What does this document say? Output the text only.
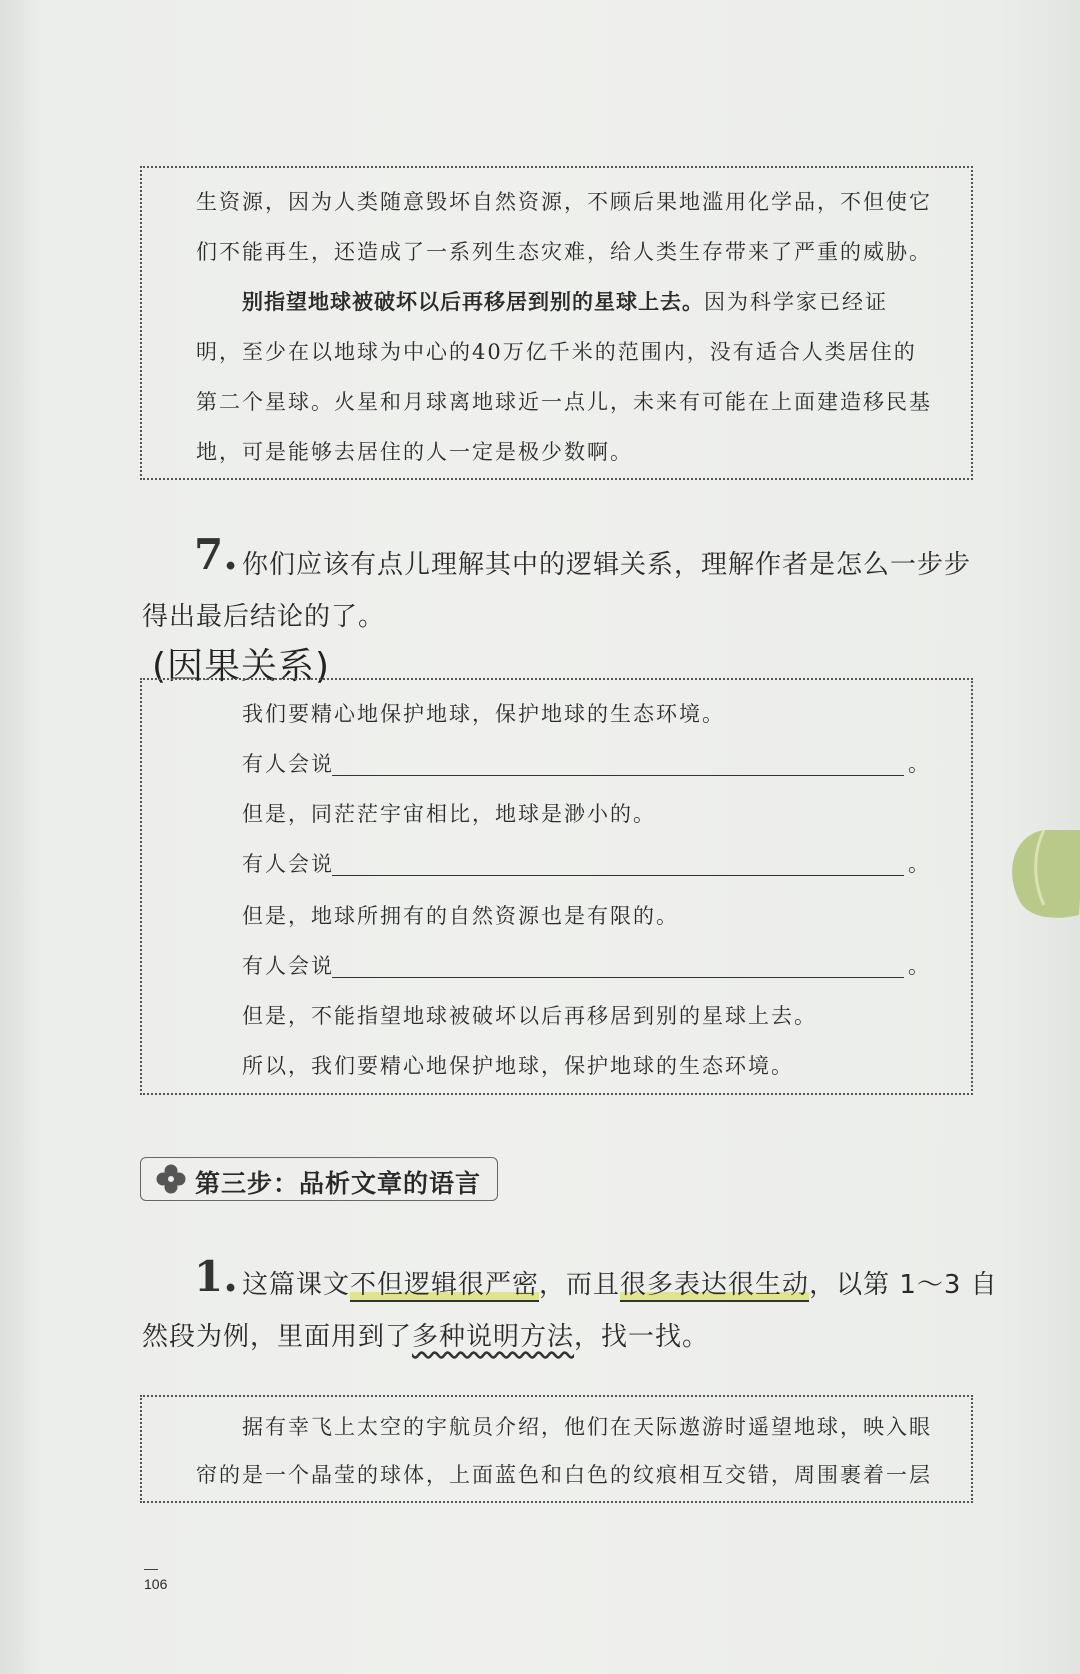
生资源，因为人类随意毁坏自然资源，不顾后果地滥用化学品，不但使它
们不能再生，还造成了一系列生态灾难，给人类生存带来了严重的威胁。
别指望地球被破坏以后再移居到别的星球上去。因为科学家已经证
明，至少在以地球为中心的40万亿千米的范围内，没有适合人类居住的
第二个星球。火星和月球离地球近一点儿，未来有可能在上面建造移民基
地，可是能够去居住的人一定是极少数啊。
7. 你们应该有点儿理解其中的逻辑关系，理解作者是怎么一步步
得出最后结论的了。
(因果关系)
我们要精心地保护地球，保护地球的生态环境。
有人会说	。
但是，同茫茫宇宙相比，地球是渺小的。
有人会说	。
但是，地球所拥有的自然资源也是有限的。
有人会说	。
但是，不能指望地球被破坏以后再移居到别的星球上去。
所以，我们要精心地保护地球，保护地球的生态环境。
第三步：品析文章的语言
1. 这篇课文不但逻辑很严密，而且很多表达很生动，以第 1～3 自
然段为例，里面用到了多种说明方法，找一找。
据有幸飞上太空的宇航员介绍，他们在天际遨游时遥望地球，映入眼
帘的是一个晶莹的球体，上面蓝色和白色的纹痕相互交错，周围裹着一层
106
